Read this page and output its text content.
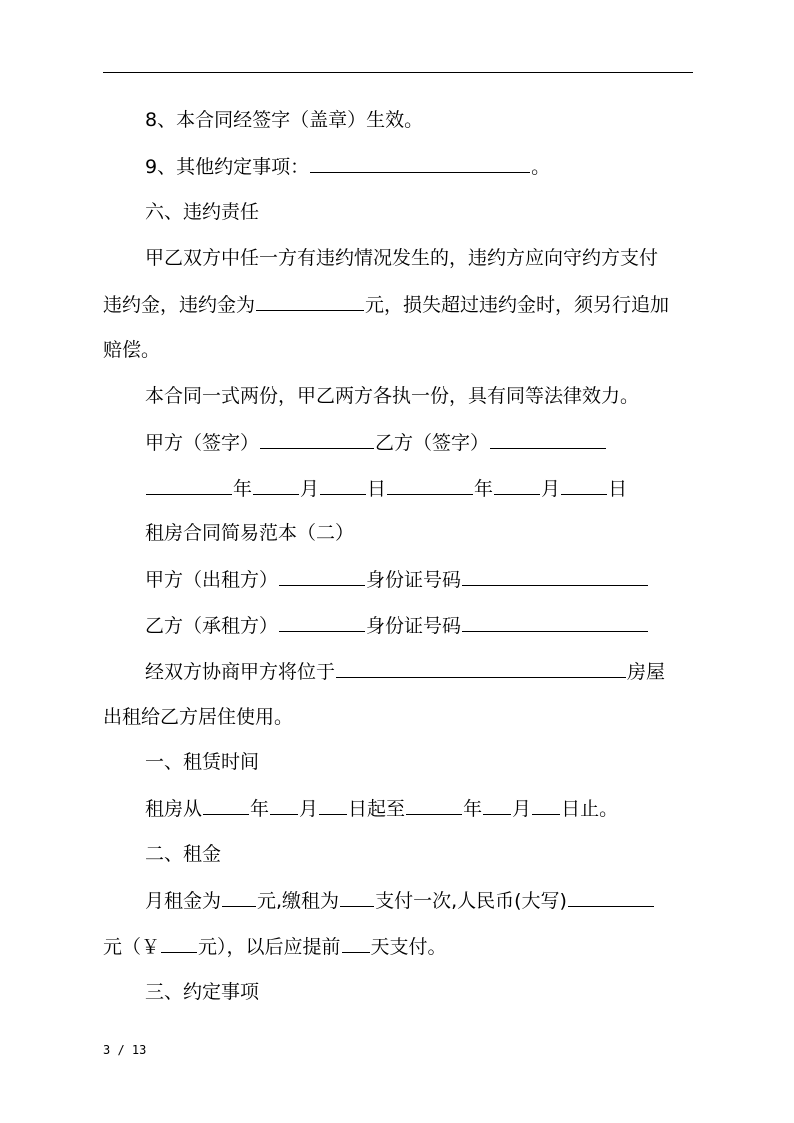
8、本合同经签字（盖章）生效。
9、其他约定事项：	。
六、违约责任
甲乙双方中任一方有违约情况发生的，违约方应向守约方支付
违约金，违约金为	元，损失超过违约金时，须另行追加
赔偿。
本合同一式两份，甲乙两方各执一份，具有同等法律效力。
甲方（签字）	乙方（签字）
年	月	日	年	月	日
租房合同简易范本（二）
甲方（出租方）	身份证号码
乙方（承租方）	身份证号码
经双方协商甲方将位于	房屋
出租给乙方居住使用。
一、租赁时间
租房从	年 月 日起至	年 月 日止。
二、租金
月租金为 元,缴租为 支付一次,人民币(大写)
元（￥ 元），以后应提前 天支付。
三、约定事项
3 / 13
